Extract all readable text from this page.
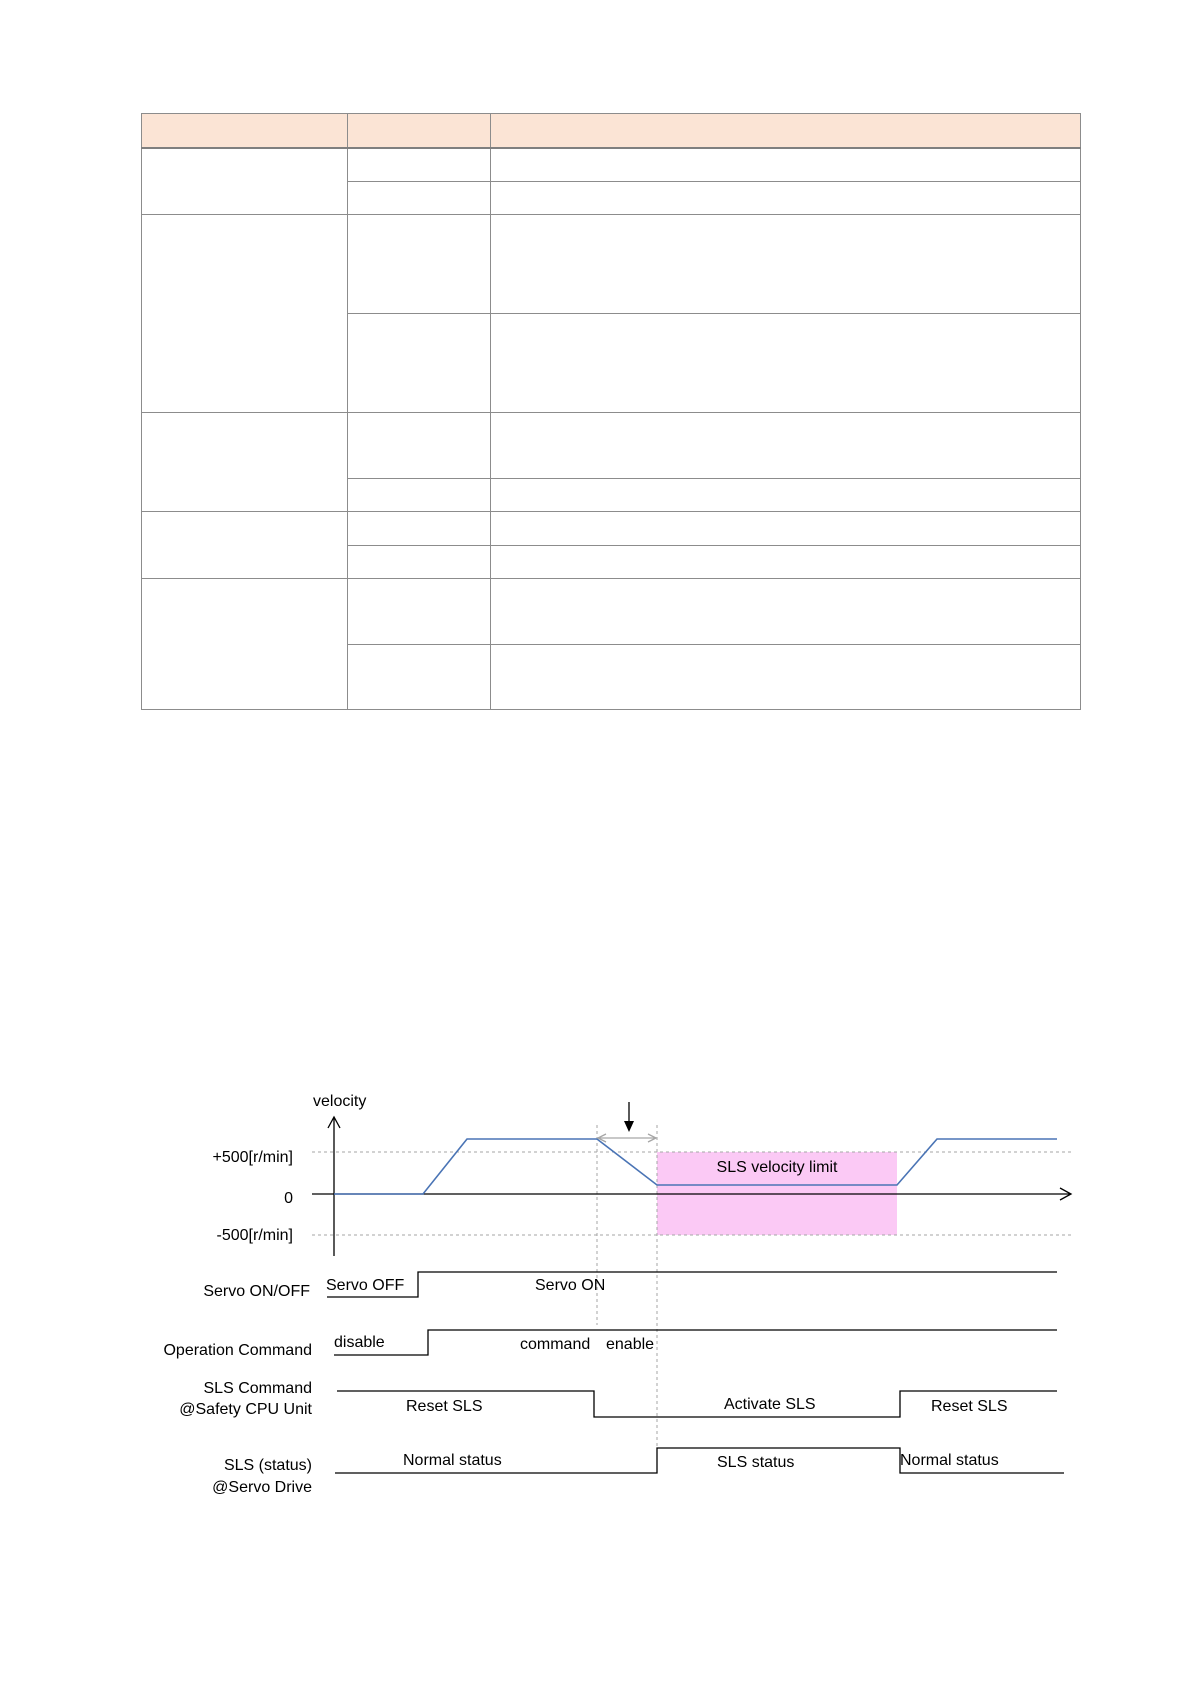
SLS velocity limit
velocity
+500[r/min]
0
-500[r/min]
Servo ON/OFF Servo OFF	Servo ON
Operation Command disable	command enable
SLS Command
@Safety CPU Unit	Reset SLS	Activate SLS	Reset SLS
SLS (status)
@Servo Drive
Normal status	SLS status	Normal status
